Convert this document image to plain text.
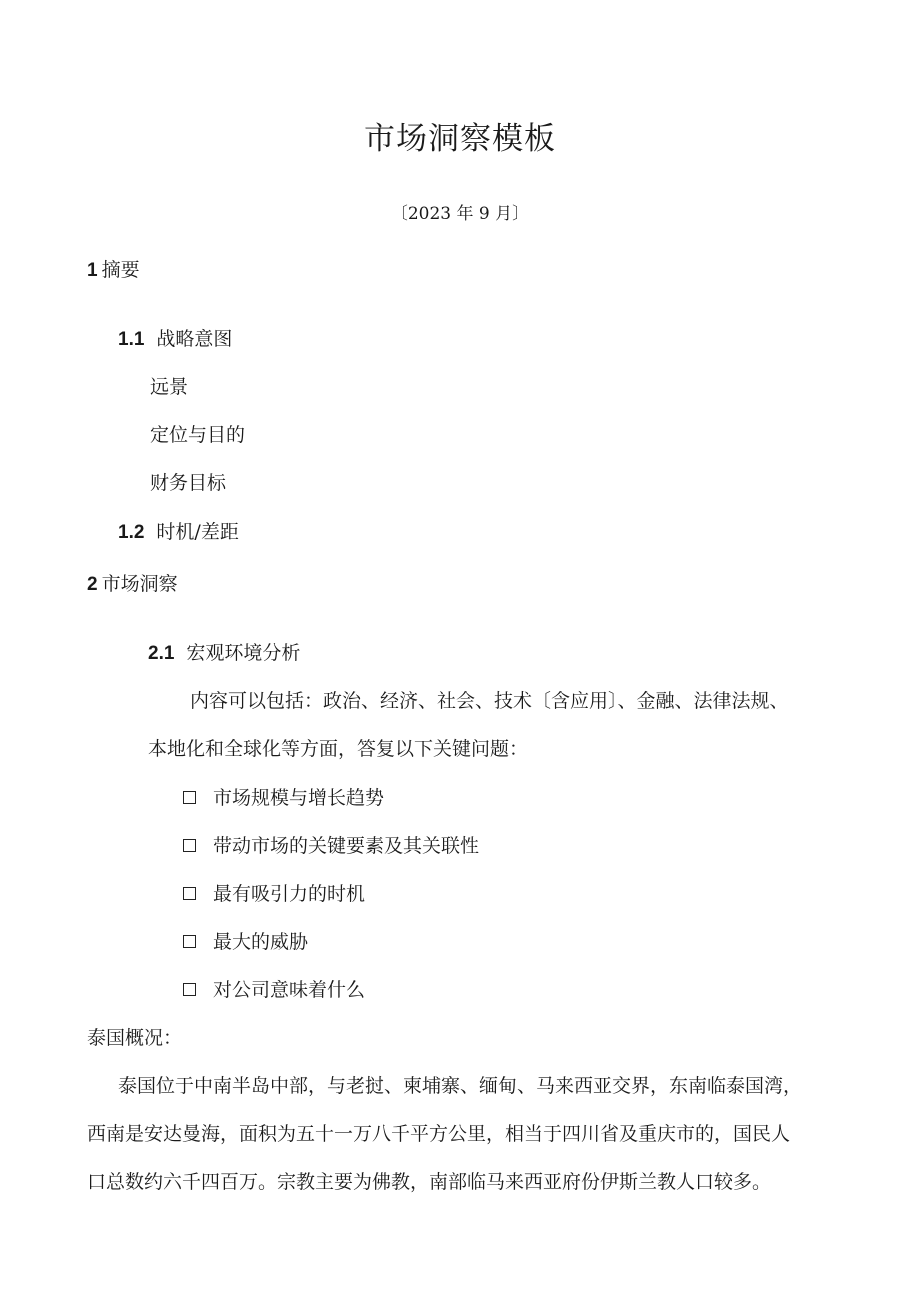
市场洞察模板
〔2023 年 9 月〕
1 摘要
1.1 战略意图
远景
定位与目的
财务目标
1.2 时机/差距
2 市场洞察
2.1 宏观环境分析
内容可以包括：政治、经济、社会、技术〔含应用〕、金融、法律法规、
本地化和全球化等方面，答复以下关键问题：
市场规模与增长趋势
带动市场的关键要素及其关联性
最有吸引力的时机
最大的威胁
对公司意味着什么
泰国概况：
泰国位于中南半岛中部，与老挝、柬埔寨、缅甸、马来西亚交界，东南临泰国湾，
西南是安达曼海，面积为五十一万八千平方公里，相当于四川省及重庆市的，国民人
口总数约六千四百万。宗教主要为佛教，南部临马来西亚府份伊斯兰教人口较多。
